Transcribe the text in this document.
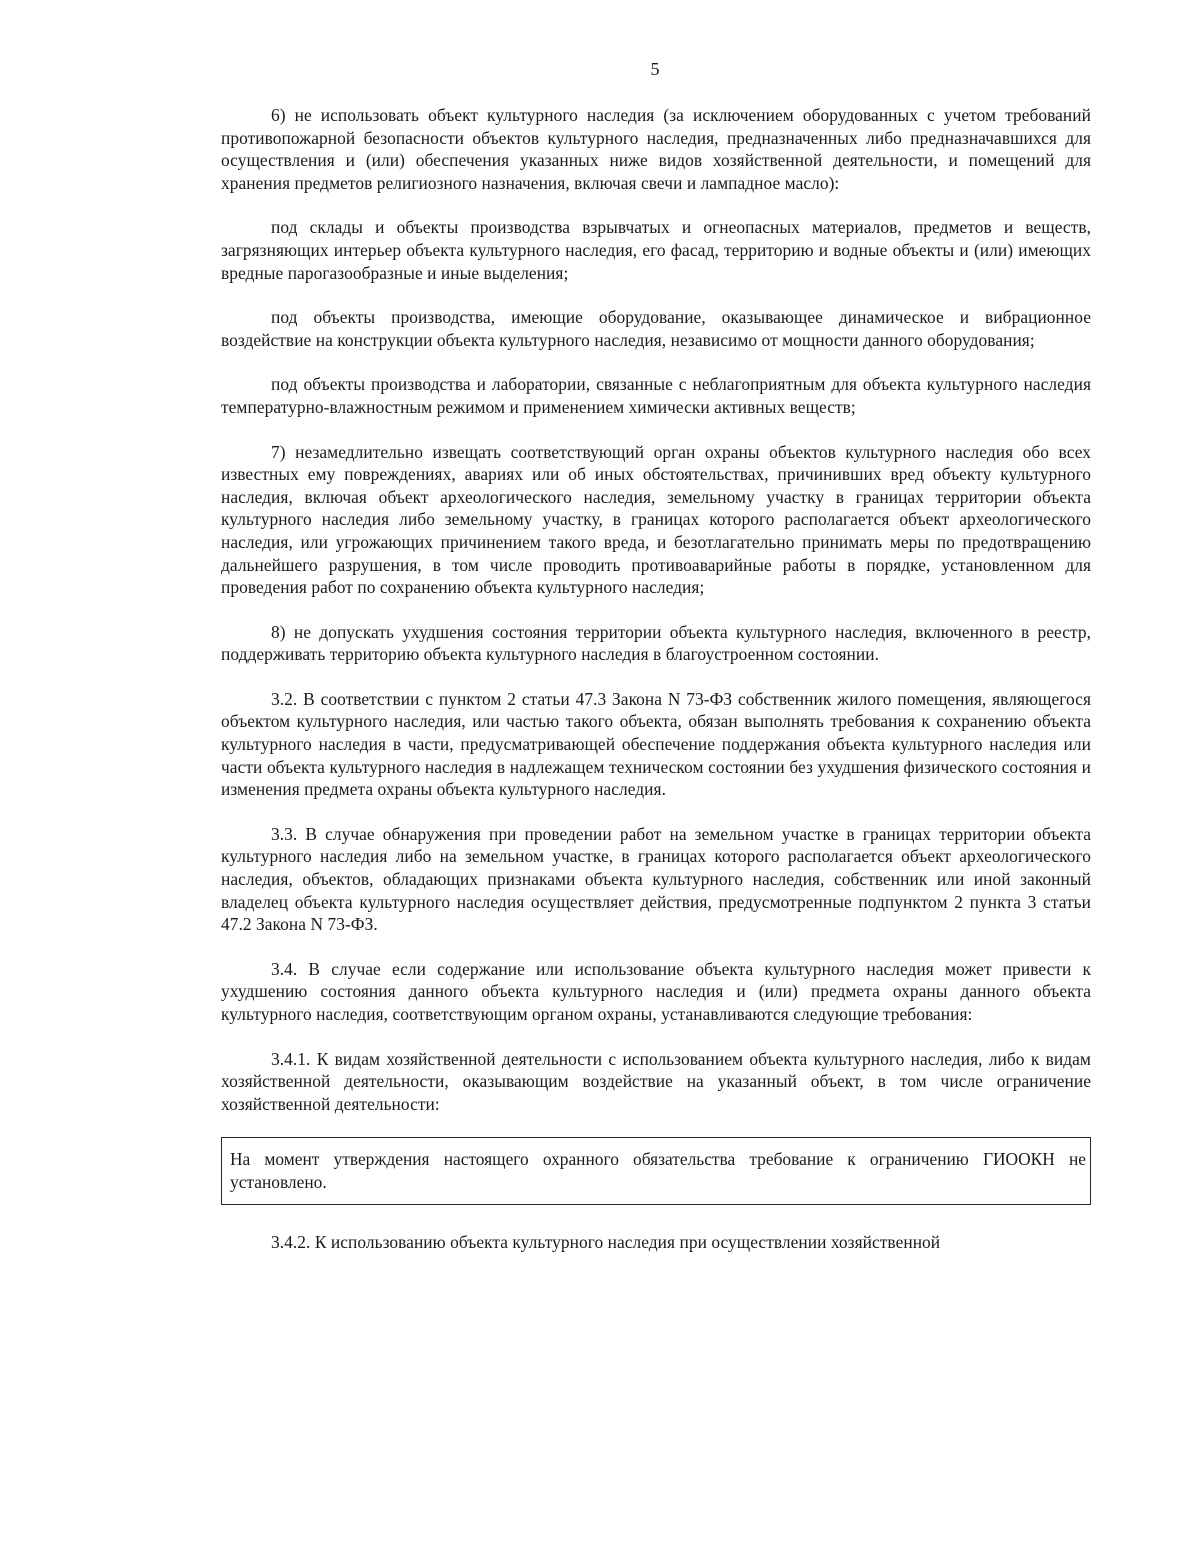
5

6) не использовать объект культурного наследия (за исключением оборудованных с учетом требований противопожарной безопасности объектов культурного наследия, предназначенных либо предназначавшихся для осуществления и (или) обеспечения указанных ниже видов хозяйственной деятельности, и помещений для хранения предметов религиозного назначения, включая свечи и лампадное масло):

под склады и объекты производства взрывчатых и огнеопасных материалов, предметов и веществ, загрязняющих интерьер объекта культурного наследия, его фасад, территорию и водные объекты и (или) имеющих вредные парогазообразные и иные выделения;

под объекты производства, имеющие оборудование, оказывающее динамическое и вибрационное воздействие на конструкции объекта культурного наследия, независимо от мощности данного оборудования;

под объекты производства и лаборатории, связанные с неблагоприятным для объекта культурного наследия температурно-влажностным режимом и применением химически активных веществ;

7) незамедлительно извещать соответствующий орган охраны объектов культурного наследия обо всех известных ему повреждениях, авариях или об иных обстоятельствах, причинивших вред объекту культурного наследия, включая объект археологического наследия, земельному участку в границах территории объекта культурного наследия либо земельному участку, в границах которого располагается объект археологического наследия, или угрожающих причинением такого вреда, и безотлагательно принимать меры по предотвращению дальнейшего разрушения, в том числе проводить противоаварийные работы в порядке, установленном для проведения работ по сохранению объекта культурного наследия;

8) не допускать ухудшения состояния территории объекта культурного наследия, включенного в реестр, поддерживать территорию объекта культурного наследия в благоустроенном состоянии.

3.2. В соответствии с пунктом 2 статьи 47.3 Закона N 73-ФЗ собственник жилого помещения, являющегося объектом культурного наследия, или частью такого объекта, обязан выполнять требования к сохранению объекта культурного наследия в части, предусматривающей обеспечение поддержания объекта культурного наследия или части объекта культурного наследия в надлежащем техническом состоянии без ухудшения физического состояния и изменения предмета охраны объекта культурного наследия.

3.3. В случае обнаружения при проведении работ на земельном участке в границах территории объекта культурного наследия либо на земельном участке, в границах которого располагается объект археологического наследия, объектов, обладающих признаками объекта культурного наследия, собственник или иной законный владелец объекта культурного наследия осуществляет действия, предусмотренные подпунктом 2 пункта 3 статьи 47.2 Закона N 73-ФЗ.

3.4. В случае если содержание или использование объекта культурного наследия может привести к ухудшению состояния данного объекта культурного наследия и (или) предмета охраны данного объекта культурного наследия, соответствующим органом охраны, устанавливаются следующие требования:

3.4.1. К видам хозяйственной деятельности с использованием объекта культурного наследия, либо к видам хозяйственной деятельности, оказывающим воздействие на указанный объект, в том числе ограничение хозяйственной деятельности:

На момент утверждения настоящего охранного обязательства требование к ограничению ГИООКН не установлено.

3.4.2. К использованию объекта культурного наследия при осуществлении хозяйственной
